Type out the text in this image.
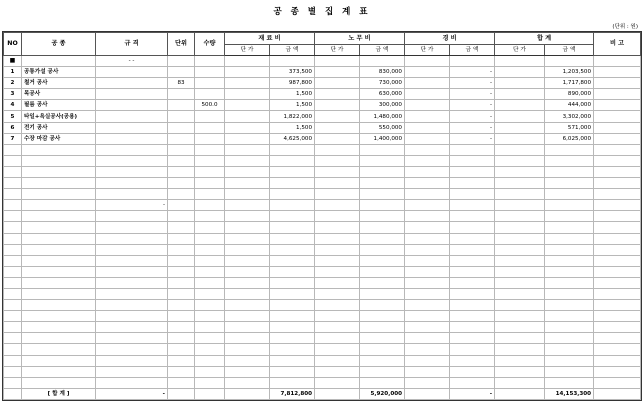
공 종 별 집 계 표
(단위 : 원)
NO	공 종	규 격	단위	수량	재 료 비		노 무 비		경 비		합 계		비 고
					단 가	금 액	단 가	금 액	단 가	금 액	단 가	금 액	
■		- -											
1	공통가설 공사					373,500		830,000		-		1,203,500	
2	철거 공사		83			987,800		730,000		-		1,717,800	
3	목공사					1,500		630,000		-		890,000	
4	필름 공사			500.0		1,500		300,000		-		444,000	
5	타일+욕실공사(공용)					1,822,000		1,480,000		-		3,302,000	
6	전기 공사					1,500		550,000		-		571,000	
7	수장 마감 공사					4,625,000		1,400,000		-		6,025,000	

		-											

	[ 합 계 ]	-				7,812,800		5,920,000		-		14,153,300	
